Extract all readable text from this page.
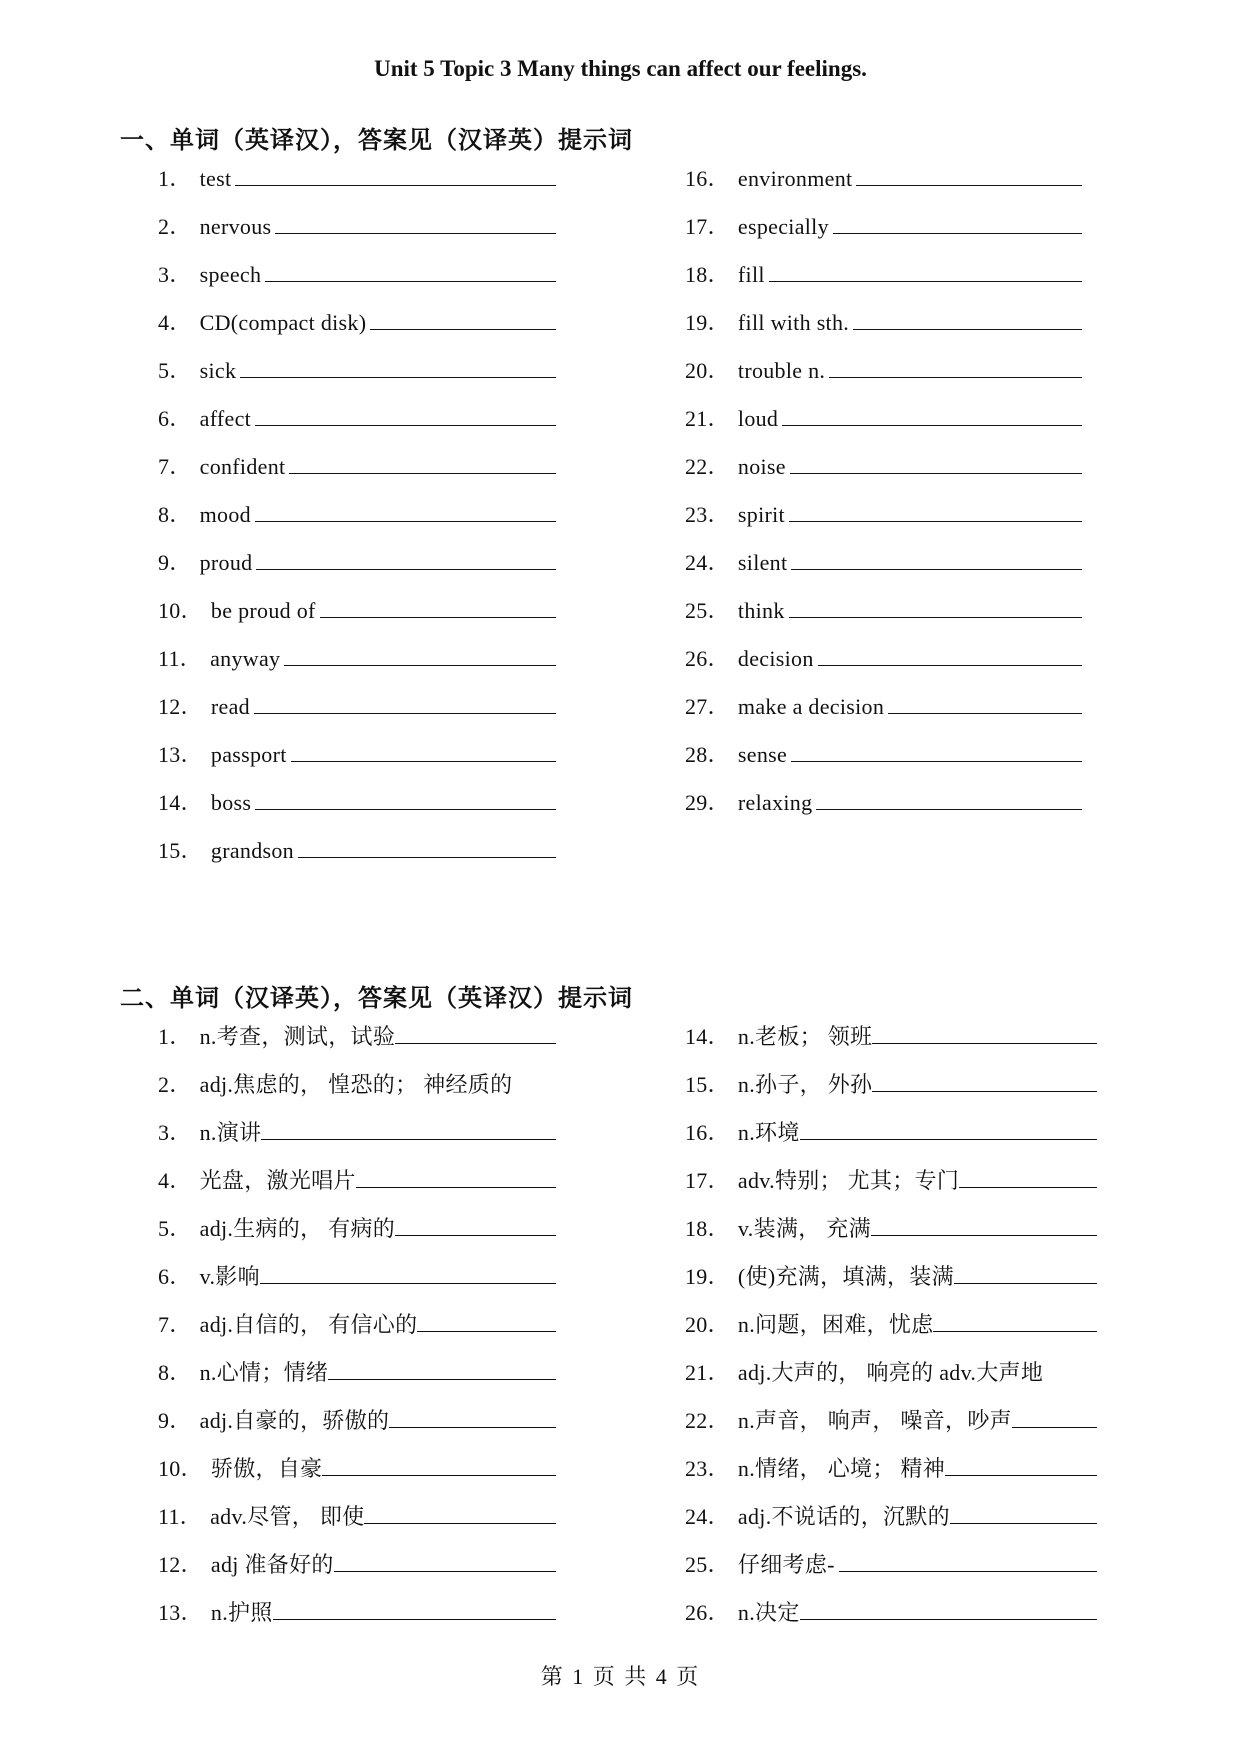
Unit 5 Topic 3 Many things can affect our feelings.
一、单词（英译汉），答案见（汉译英）提示词
1 ．	test
2 ．	nervous
3 ．	speech
4 ．	CD(compact disk)
5 ．	sick
6 ．	affect
7 ．	confident
8 ．	mood
9 ．	proud
10 ．	be proud of
11 ．	anyway
12 ．	read
13 ．	passport
14 ．	boss
15 ．	grandson
16 ．	environment
17 ．	especially
18 ．	fill
19 ．	fill with sth.
20 ．	trouble n.
21 ．	loud
22 ．	noise
23 ．	spirit
24 ．	silent
25 ．	think
26 ．	decision
27 ．	make a decision
28 ．	sense
29 ．	relaxing
二、单词（汉译英），答案见（英译汉）提示词
1 ．	n.考查，测试，试验
2 ．	adj.焦虑的， 惶恐的； 神经质的
3 ．	n.演讲
4 ．	光盘，激光唱片
5 ．	adj.生病的， 有病的
6 ．	v.影响
7 ．	adj.自信的， 有信心的
8 ．	n.心情；情绪
9 ．	adj.自豪的，骄傲的
10 ．	骄傲，自豪
11 ．	adv.尽管， 即使
12 ．	adj 准备好的
13 ．	n.护照
14 ．	n.老板； 领班
15 ．	n.孙子， 外孙
16 ．	n.环境
17 ．	adv.特别； 尤其；专门
18 ．	v.装满， 充满
19 ．	(使)充满，填满，装满
20 ．	n.问题，困难，忧虑
21 ．	adj.大声的， 响亮的 adv.大声地
22 ．	n.声音， 响声， 噪音，吵声
23 ．	n.情绪， 心境； 精神
24 ．	adj.不说话的，沉默的
25 ．	仔细考虑-
26 ．	n.决定
第 1 页 共 4 页
